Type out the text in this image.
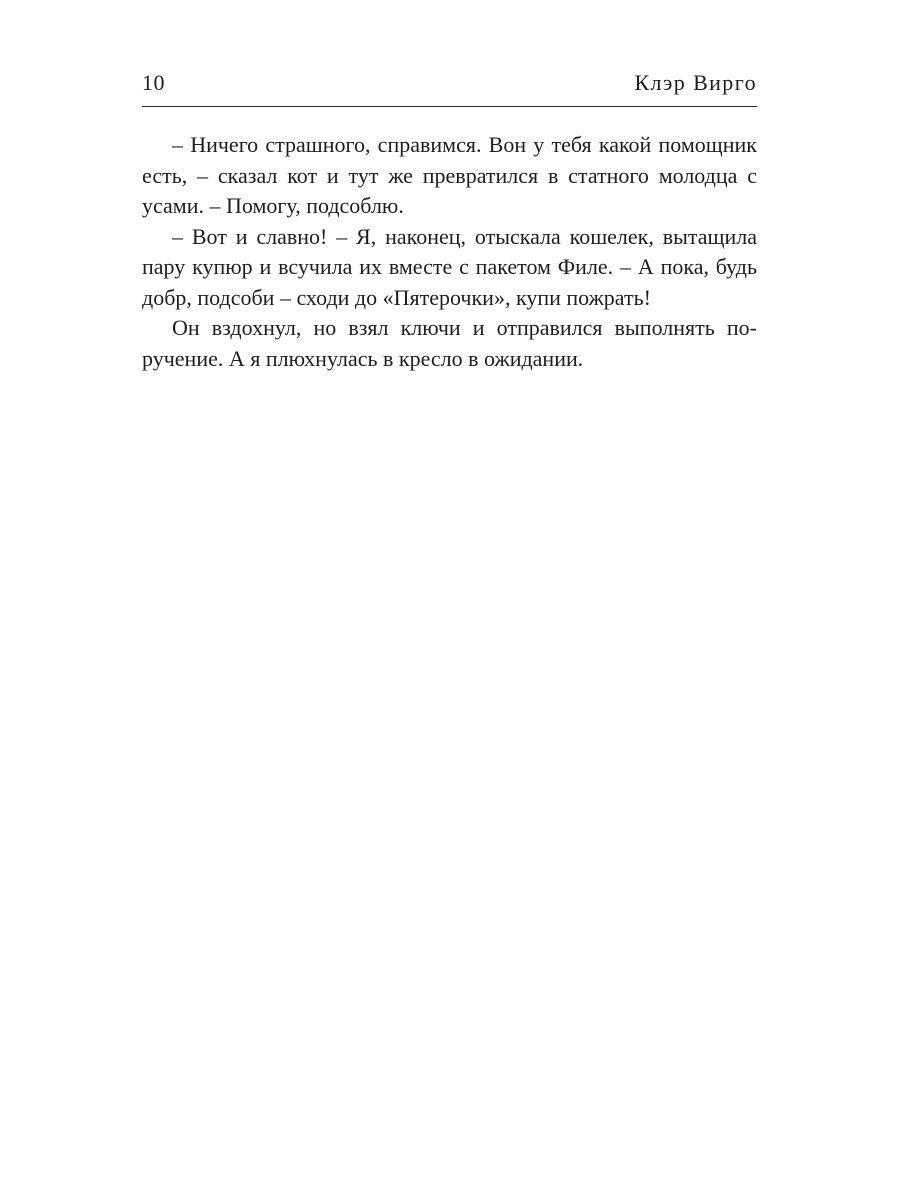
10	Клэр Вирго

– Ничего страшного, справимся. Вон у тебя какой помощник есть, – сказал кот и тут же превратился в статного молодца с усами. – Помогу, подсоблю.

– Вот и славно! – Я, наконец, отыскала кошелек, вытащила пару купюр и всучила их вместе с пакетом Филе. – А пока, будь добр, подсоби – сходи до «Пятерочки», купи пожрать!

Он вздохнул, но взял ключи и отправился выполнять поручение. А я плюхнулась в кресло в ожидании.
